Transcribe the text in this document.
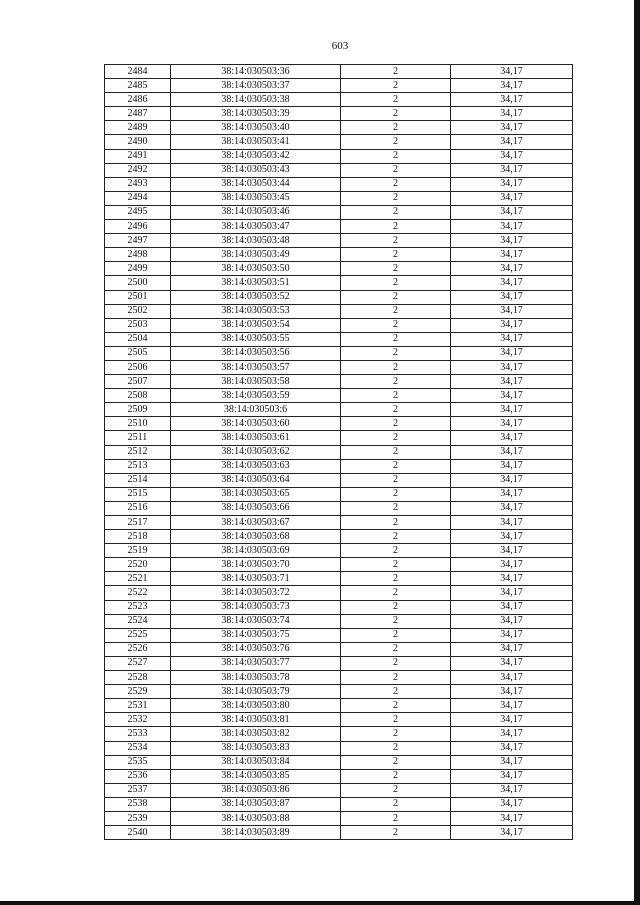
603
2484	38:14:030503:36	2	34,17
2485	38:14:030503:37	2	34,17
2486	38:14:030503:38	2	34,17
2487	38:14:030503:39	2	34,17
2489	38:14:030503:40	2	34,17
2490	38:14:030503:41	2	34,17
2491	38:14:030503:42	2	34,17
2492	38:14:030503:43	2	34,17
2493	38:14:030503:44	2	34,17
2494	38:14:030503:45	2	34,17
2495	38:14:030503:46	2	34,17
2496	38:14:030503:47	2	34,17
2497	38:14:030503:48	2	34,17
2498	38:14:030503:49	2	34,17
2499	38:14:030503:50	2	34,17
2500	38:14:030503:51	2	34,17
2501	38:14:030503:52	2	34,17
2502	38:14:030503:53	2	34,17
2503	38:14:030503:54	2	34,17
2504	38:14:030503:55	2	34,17
2505	38:14:030503:56	2	34,17
2506	38:14:030503:57	2	34,17
2507	38:14:030503:58	2	34,17
2508	38:14:030503:59	2	34,17
2509	38:14:030503:6	2	34,17
2510	38:14:030503:60	2	34,17
2511	38:14:030503:61	2	34,17
2512	38:14:030503:62	2	34,17
2513	38:14:030503:63	2	34,17
2514	38:14:030503:64	2	34,17
2515	38:14:030503:65	2	34,17
2516	38:14:030503:66	2	34,17
2517	38:14:030503:67	2	34,17
2518	38:14:030503:68	2	34,17
2519	38:14:030503:69	2	34,17
2520	38:14:030503:70	2	34,17
2521	38:14:030503:71	2	34,17
2522	38:14:030503:72	2	34,17
2523	38:14:030503:73	2	34,17
2524	38:14:030503:74	2	34,17
2525	38:14:030503:75	2	34,17
2526	38:14:030503:76	2	34,17
2527	38:14:030503:77	2	34,17
2528	38:14:030503:78	2	34,17
2529	38:14:030503:79	2	34,17
2531	38:14:030503:80	2	34,17
2532	38:14:030503:81	2	34,17
2533	38:14:030503:82	2	34,17
2534	38:14:030503:83	2	34,17
2535	38:14:030503:84	2	34,17
2536	38:14:030503:85	2	34,17
2537	38:14:030503:86	2	34,17
2538	38:14:030503:87	2	34,17
2539	38:14:030503:88	2	34,17
2540	38:14:030503:89	2	34,17
